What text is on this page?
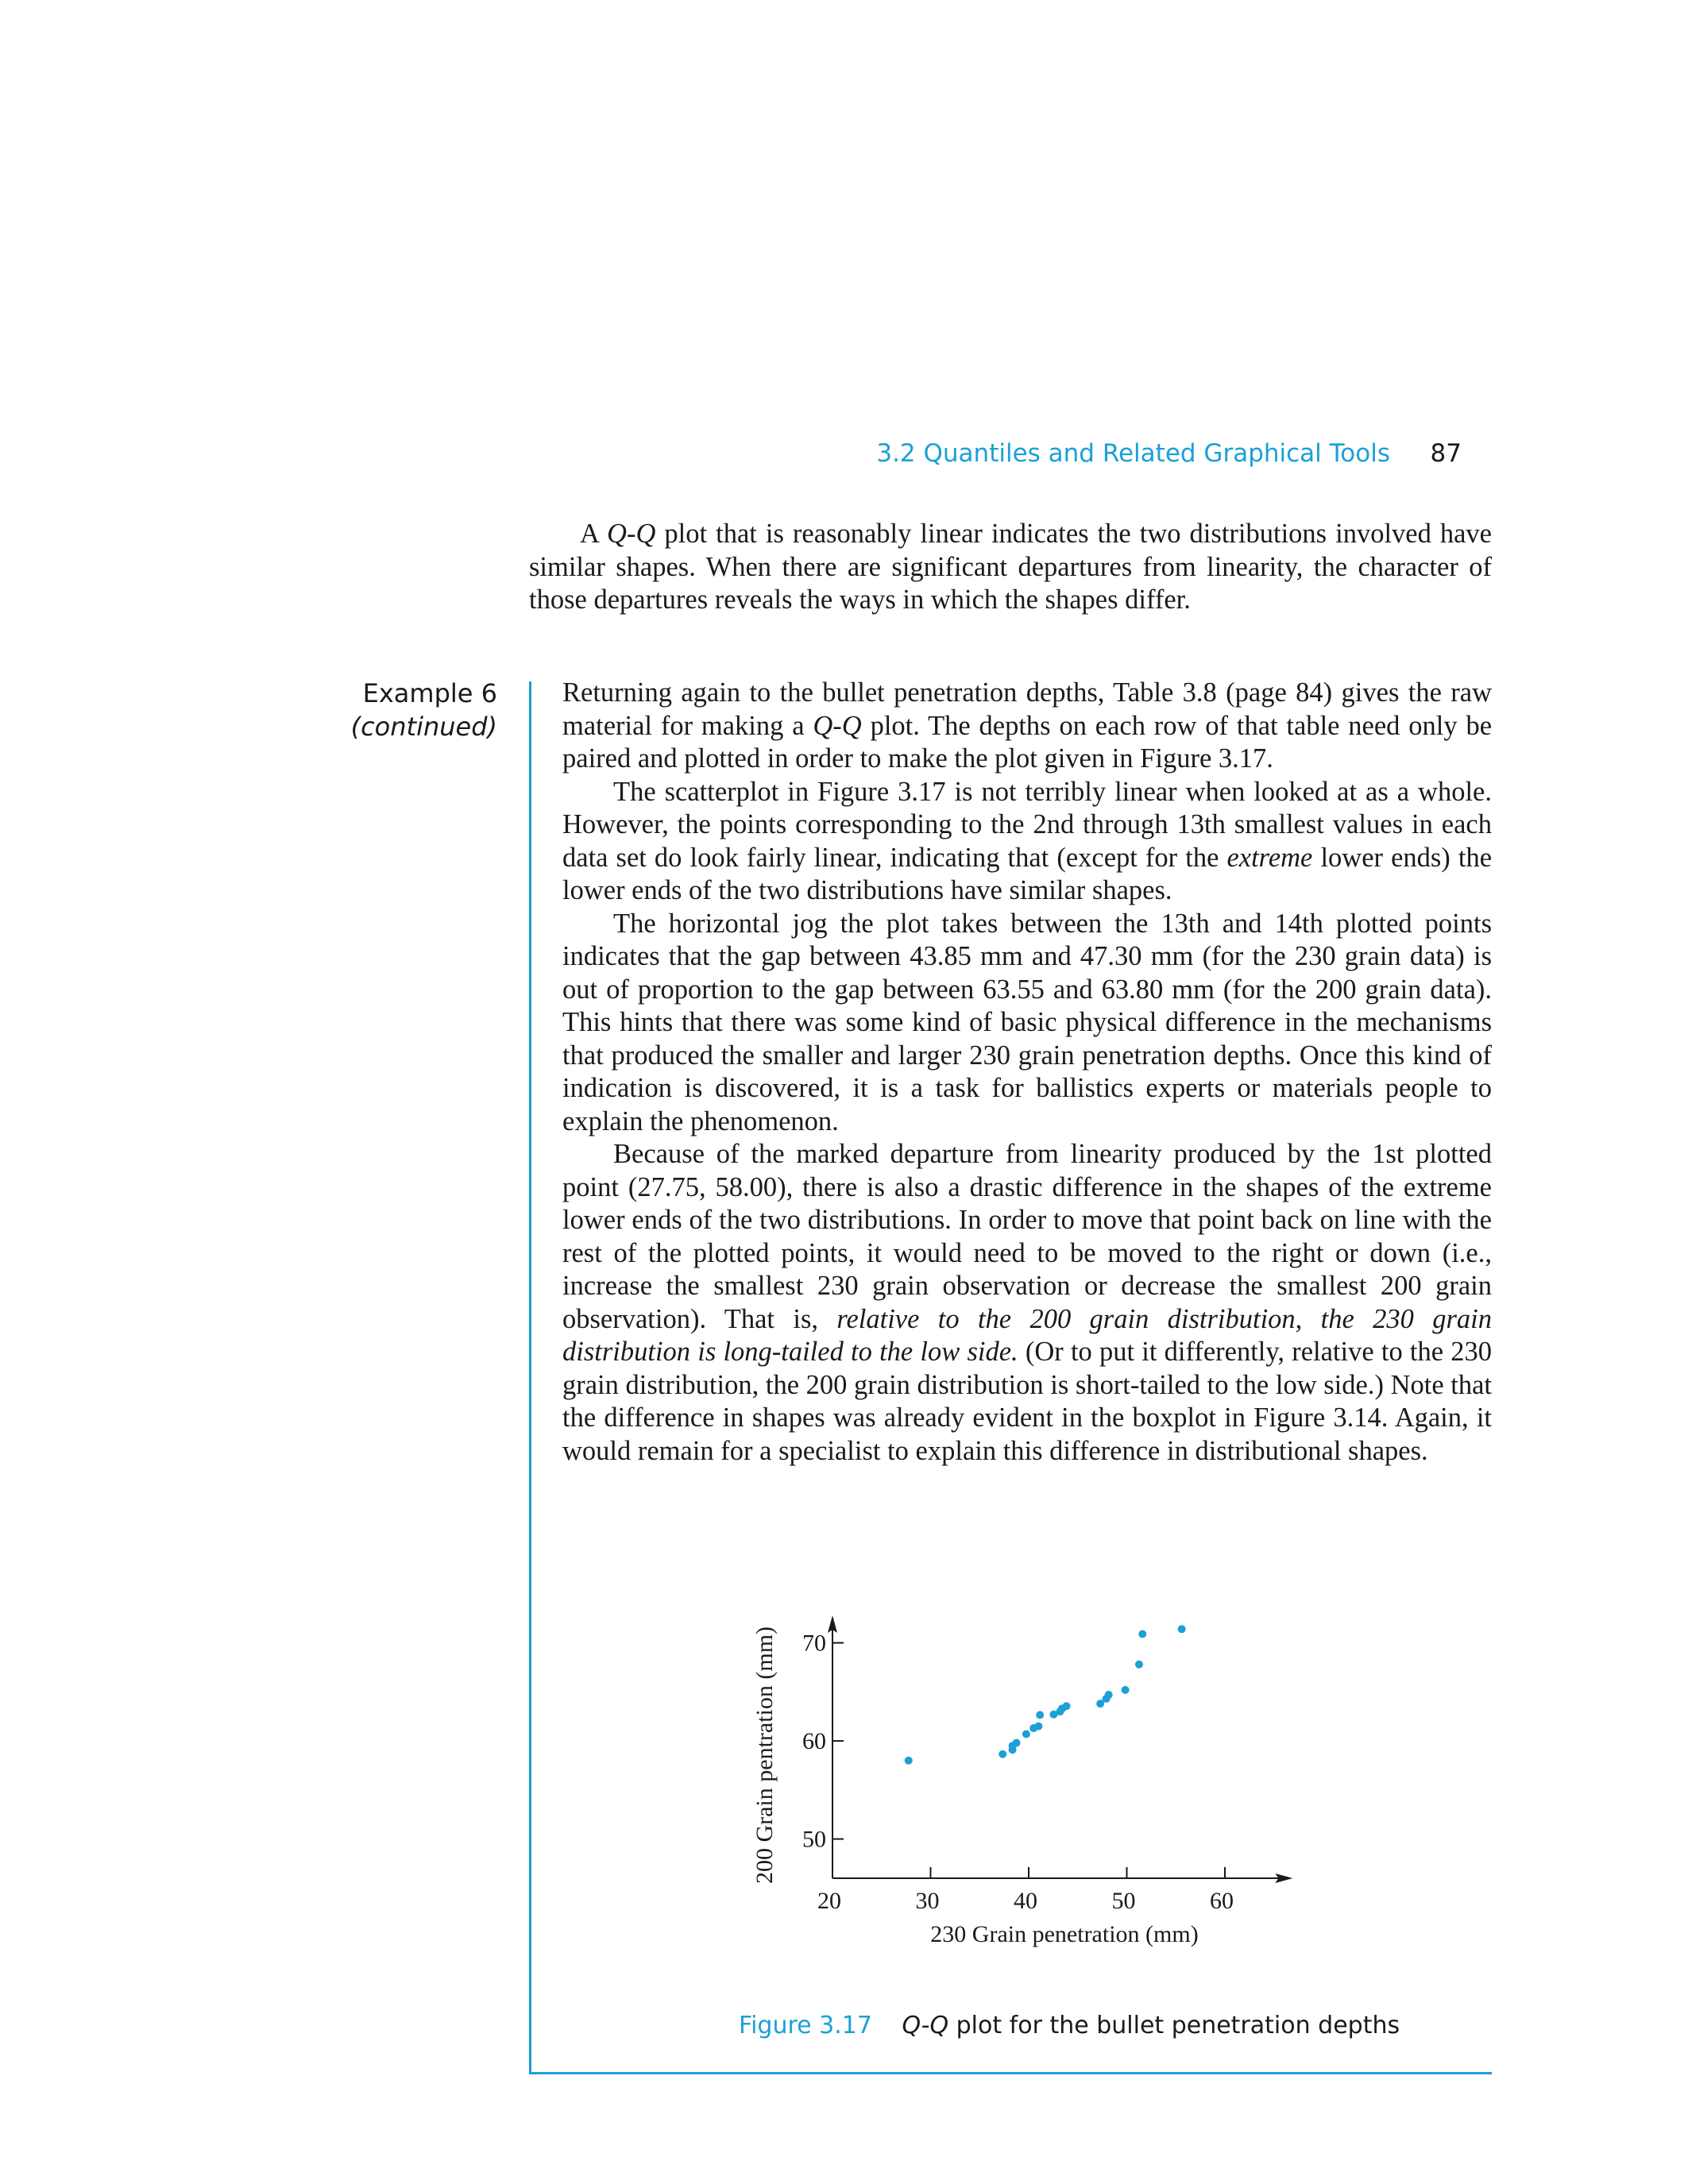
3.2 Quantiles and Related Graphical Tools 87

A Q-Q plot that is reasonably linear indicates the two distributions involved have similar shapes. When there are significant departures from linearity, the character of those departures reveals the ways in which the shapes differ.

Example 6
(continued)

Returning again to the bullet penetration depths, Table 3.8 (page 84) gives the raw material for making a Q-Q plot. The depths on each row of that table need only be paired and plotted in order to make the plot given in Figure 3.17.

The scatterplot in Figure 3.17 is not terribly linear when looked at as a whole. However, the points corresponding to the 2nd through 13th smallest values in each data set do look fairly linear, indicating that (except for the extreme lower ends) the lower ends of the two distributions have similar shapes.

The horizontal jog the plot takes between the 13th and 14th plotted points indicates that the gap between 43.85 mm and 47.30 mm (for the 230 grain data) is out of proportion to the gap between 63.55 and 63.80 mm (for the 200 grain data). This hints that there was some kind of basic physical difference in the mechanisms that produced the smaller and larger 230 grain penetration depths. Once this kind of indication is discovered, it is a task for ballistics experts or materials people to explain the phenomenon.

Because of the marked departure from linearity produced by the 1st plotted point (27.75, 58.00), there is also a drastic difference in the shapes of the extreme lower ends of the two distributions. In order to move that point back on line with the rest of the plotted points, it would need to be moved to the right or down (i.e., increase the smallest 230 grain observation or decrease the smallest 200 grain observation). That is, relative to the 200 grain distribution, the 230 grain distribution is long-tailed to the low side. (Or to put it differently, relative to the 230 grain distribution, the 200 grain distribution is short-tailed to the low side.) Note that the difference in shapes was already evident in the boxplot in Figure 3.14. Again, it would remain for a specialist to explain this difference in distributional shapes.

20	30	40	50	60
50
60
70
230 Grain penetration (mm)
200 Grain pentration (mm)
Figure 3.17 Q-Q plot for the bullet penetration depths
